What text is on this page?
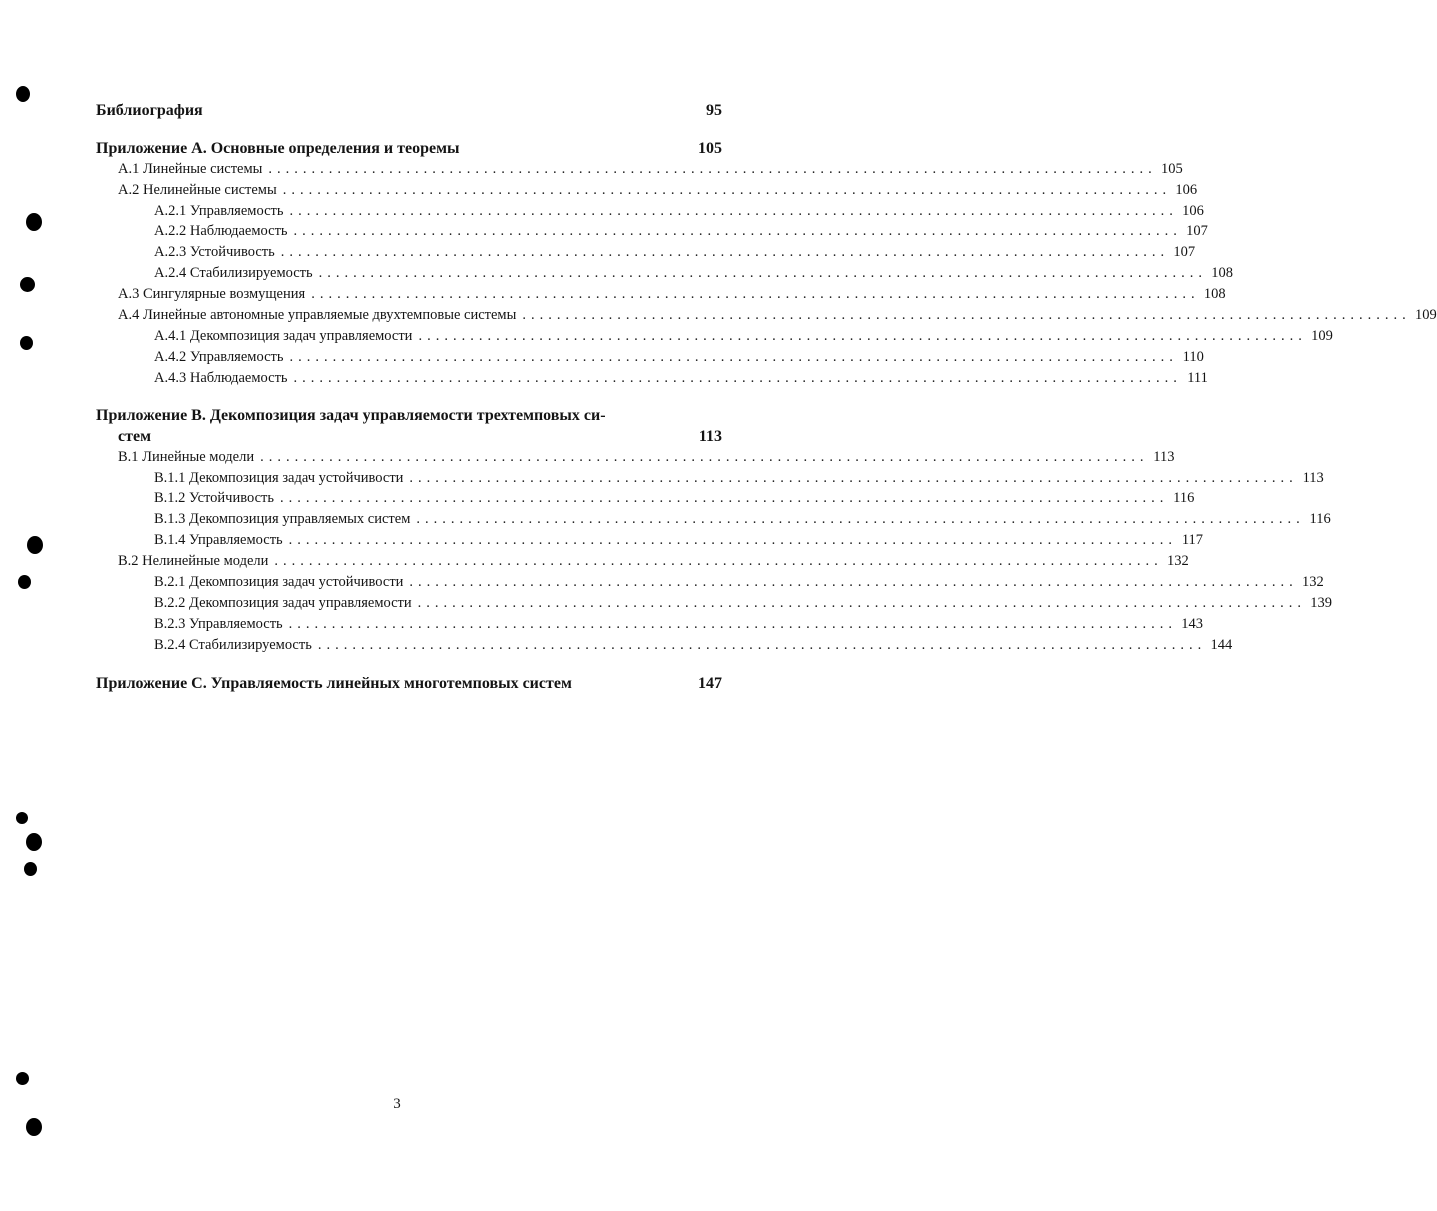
Библиография	95
Приложение А. Основные определения и теоремы	105
А.1 Линейные системы ....................................................................................................... 105
А.2 Нелинейные системы ....................................................................................................... 106
А.2.1 Управляемость ....................................................................................................... 106
А.2.2 Наблюдаемость ....................................................................................................... 107
А.2.3 Устойчивость ....................................................................................................... 107
А.2.4 Стабилизируемость ....................................................................................................... 108
А.3 Сингулярные возмущения ....................................................................................................... 108
А.4 Линейные автономные управляемые двухтемповые системы ....................................................................................................... 109
А.4.1 Декомпозиция задач управляемости ....................................................................................................... 109
А.4.2 Управляемость ....................................................................................................... 110
А.4.3 Наблюдаемость ....................................................................................................... 111
Приложение В. Декомпозиция задач управляемости трехтемповых си-
стем	113
В.1 Линейные модели ....................................................................................................... 113
В.1.1 Декомпозиция задач устойчивости ....................................................................................................... 113
В.1.2 Устойчивость ....................................................................................................... 116
В.1.3 Декомпозиция управляемых систем ....................................................................................................... 116
В.1.4 Управляемость ....................................................................................................... 117
В.2 Нелинейные модели ....................................................................................................... 132
В.2.1 Декомпозиция задач устойчивости ....................................................................................................... 132
В.2.2 Декомпозиция задач управляемости ....................................................................................................... 139
В.2.3 Управляемость ....................................................................................................... 143
В.2.4 Стабилизируемость ....................................................................................................... 144
Приложение С. Управляемость линейных многотемповых систем	147
3
